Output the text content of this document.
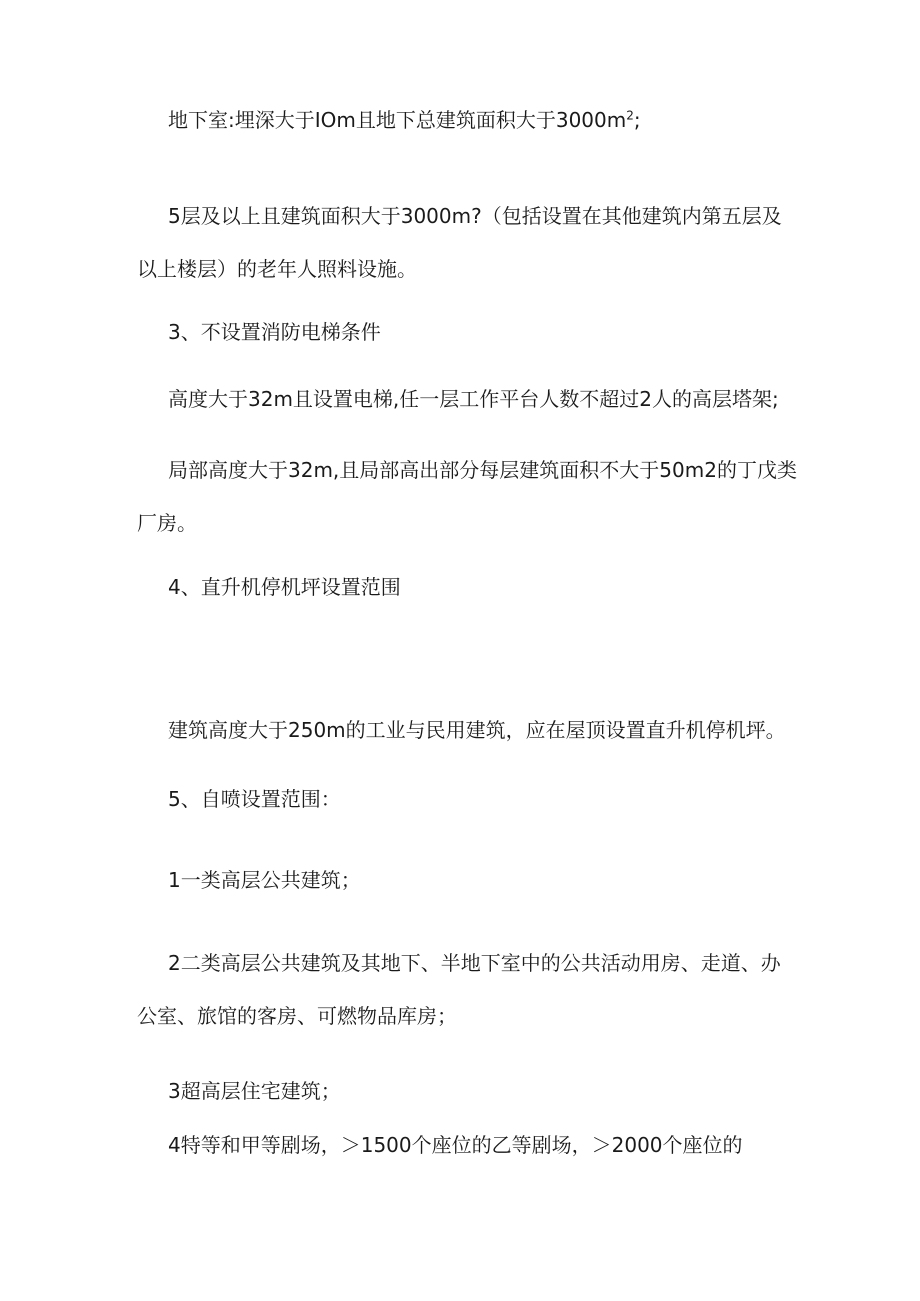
地下室:埋深大于IOm且地下总建筑面积大于$3000m^2$;

5层及以上且建筑面积大于3000m?（包括设置在其他建筑内第五层及以上楼层）的老年人照料设施。

3、不设置消防电梯条件

高度大于32m且设置电梯,任一层工作平台人数不超过2人的高层塔架;

局部高度大于32m,且局部高出部分每层建筑面积不大于50m2的丁戊类厂房。

4、直升机停机坪设置范围

建筑高度大于250m的工业与民用建筑，应在屋顶设置直升机停机坪。

5、自喷设置范围：

1一类高层公共建筑；

2二类高层公共建筑及其地下、半地下室中的公共活动用房、走道、办公室、旅馆的客房、可燃物品库房；

3超高层住宅建筑；

4特等和甲等剧场，＞1500个座位的乙等剧场，＞2000个座位的
